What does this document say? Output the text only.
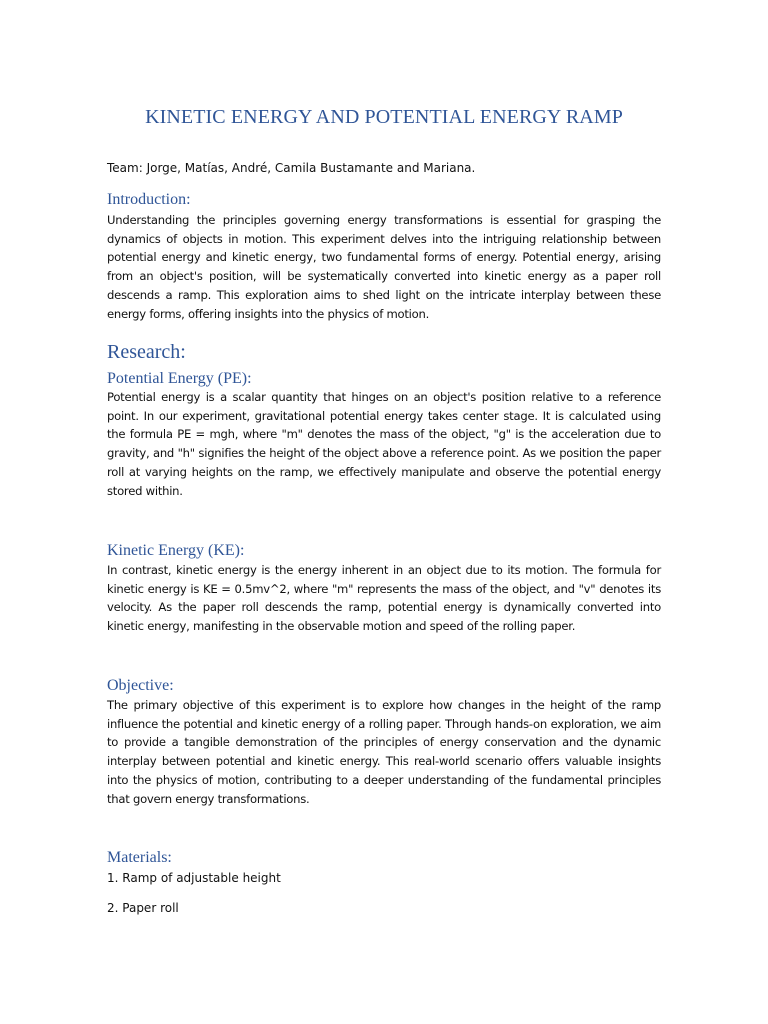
KINETIC ENERGY AND POTENTIAL ENERGY RAMP
Team: Jorge, Matías, André, Camila Bustamante and Mariana.
Introduction:
Understanding the principles governing energy transformations is essential for grasping the dynamics of objects in motion. This experiment delves into the intriguing relationship between potential energy and kinetic energy, two fundamental forms of energy. Potential energy, arising from an object's position, will be systematically converted into kinetic energy as a paper roll descends a ramp. This exploration aims to shed light on the intricate interplay between these energy forms, offering insights into the physics of motion.
Research:
Potential Energy (PE):
Potential energy is a scalar quantity that hinges on an object's position relative to a reference point. In our experiment, gravitational potential energy takes center stage. It is calculated using the formula PE = mgh, where "m" denotes the mass of the object, "g" is the acceleration due to gravity, and "h" signifies the height of the object above a reference point. As we position the paper roll at varying heights on the ramp, we effectively manipulate and observe the potential energy stored within.
Kinetic Energy (KE):
In contrast, kinetic energy is the energy inherent in an object due to its motion. The formula for kinetic energy is KE = 0.5mv^2, where "m" represents the mass of the object, and "v" denotes its velocity. As the paper roll descends the ramp, potential energy is dynamically converted into kinetic energy, manifesting in the observable motion and speed of the rolling paper.
Objective:
The primary objective of this experiment is to explore how changes in the height of the ramp influence the potential and kinetic energy of a rolling paper. Through hands-on exploration, we aim to provide a tangible demonstration of the principles of energy conservation and the dynamic interplay between potential and kinetic energy. This real-world scenario offers valuable insights into the physics of motion, contributing to a deeper understanding of the fundamental principles that govern energy transformations.
Materials:
1. Ramp of adjustable height
2. Paper roll
